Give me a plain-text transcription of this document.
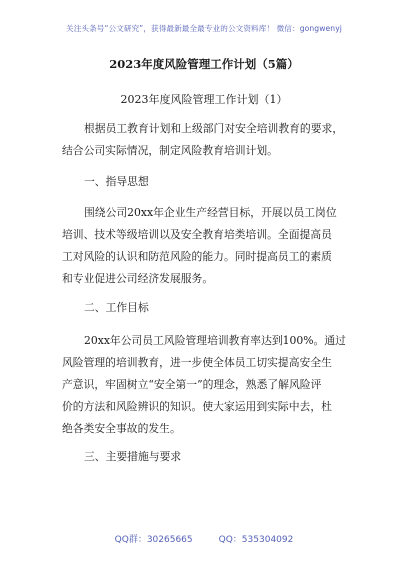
关注头条号“公文研究”，获得最新最全最专业的公文资料库！ 微信：gongwenyj
2023年度风险管理工作计划（5篇）
2023年度风险管理工作计划（1）

根据员工教育计划和上级部门对安全培训教育的要求，
结合公司实际情况，制定风险教育培训计划。

一、指导思想

围绕公司20xx年企业生产经营目标，开展以员工岗位
培训、技术等级培训以及安全教育培类培训。全面提高员
工对风险的认识和防范风险的能力。同时提高员工的素质
和专业促进公司经济发展服务。

二、工作目标

20xx年公司员工风险管理培训教育率达到100%。通过
风险管理的培训教育，进一步使全体员工切实提高安全生
产意识，牢固树立“安全第一”的理念，熟悉了解风险评
价的方法和风险辨识的知识。使大家运用到实际中去，杜
绝各类安全事故的发生。

三、主要措施与要求
QQ群：30265665	QQ：535304092
